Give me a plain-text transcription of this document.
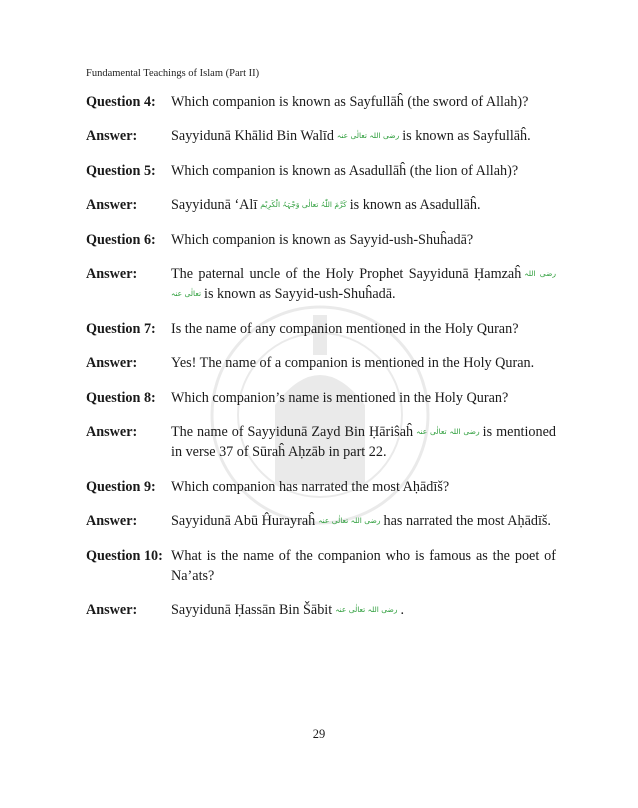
Fundamental Teachings of Islam (Part II)
Question 4:	Which companion is known as Sayfullāĥ (the sword of Allah)?
Answer:	Sayyidunā Khālid Bin Walīd رضی اللہ تعالٰی عنہ is known as Sayfullāĥ.
Question 5:	Which companion is known as Asadullāĥ (the lion of Allah)?
Answer:	Sayyidunā ‘Alī کَرَّمَ اللّٰہُ تعالٰی وَجْہَہُ الْکَرِیْم is known as Asadullāĥ.
Question 6:	Which companion is known as Sayyid-ush-Shuĥadā?
Answer:	The paternal uncle of the Holy Prophet Sayyidunā Ḥamzaĥ رضی اللہ تعالٰی عنہ is known as Sayyid-ush-Shuĥadā.
Question 7:	Is the name of any companion mentioned in the Holy Quran?
Answer:	Yes! The name of a companion is mentioned in the Holy Quran.
Question 8:	Which companion’s name is mentioned in the Holy Quran?
Answer:	The name of Sayyidunā Zayd Bin Ḥāriŝaĥ رضی اللہ تعالٰی عنہ is mentioned in verse 37 of Sūraĥ Aḥzāb in part 22.
Question 9:	Which companion has narrated the most Aḥādīš?
Answer:	Sayyidunā Abū Ĥurayraĥ رضی اللہ تعالٰی عنہ has narrated the most Aḥādīš.
Question 10: What is the name of the companion who is famous as the poet of Na’ats?
Answer:	Sayyidunā Ḥassān Bin Šābit رضی اللہ تعالٰی عنہ .
29
